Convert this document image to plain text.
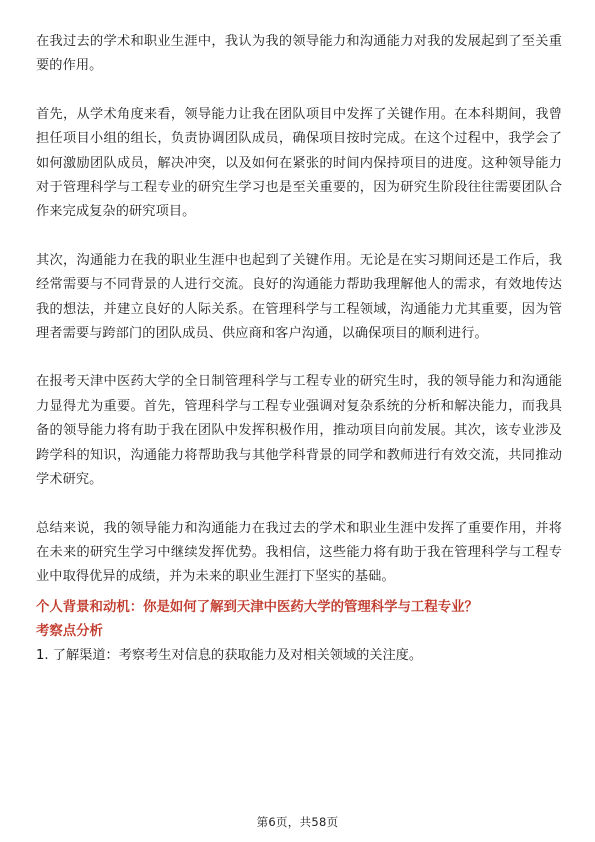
在我过去的学术和职业生涯中，我认为我的领导能力和沟通能力对我的发展起到了至关重要的作用。

首先，从学术角度来看，领导能力让我在团队项目中发挥了关键作用。在本科期间，我曾担任项目小组的组长，负责协调团队成员，确保项目按时完成。在这个过程中，我学会了如何激励团队成员，解决冲突，以及如何在紧张的时间内保持项目的进度。这种领导能力对于管理科学与工程专业的研究生学习也是至关重要的，因为研究生阶段往往需要团队合作来完成复杂的研究项目。

其次，沟通能力在我的职业生涯中也起到了关键作用。无论是在实习期间还是工作后，我经常需要与不同背景的人进行交流。良好的沟通能力帮助我理解他人的需求，有效地传达我的想法，并建立良好的人际关系。在管理科学与工程领域，沟通能力尤其重要，因为管理者需要与跨部门的团队成员、供应商和客户沟通，以确保项目的顺利进行。

在报考天津中医药大学的全日制管理科学与工程专业的研究生时，我的领导能力和沟通能力显得尤为重要。首先，管理科学与工程专业强调对复杂系统的分析和解决能力，而我具备的领导能力将有助于我在团队中发挥积极作用，推动项目向前发展。其次，该专业涉及跨学科的知识，沟通能力将帮助我与其他学科背景的同学和教师进行有效交流，共同推动学术研究。

总结来说，我的领导能力和沟通能力在我过去的学术和职业生涯中发挥了重要作用，并将在未来的研究生学习中继续发挥优势。我相信，这些能力将有助于我在管理科学与工程专业中取得优异的成绩，并为未来的职业生涯打下坚实的基础。

个人背景和动机：你是如何了解到天津中医药大学的管理科学与工程专业？

考察点分析

1. 了解渠道：考察考生对信息的获取能力及对相关领域的关注度。

第6页，共58页
